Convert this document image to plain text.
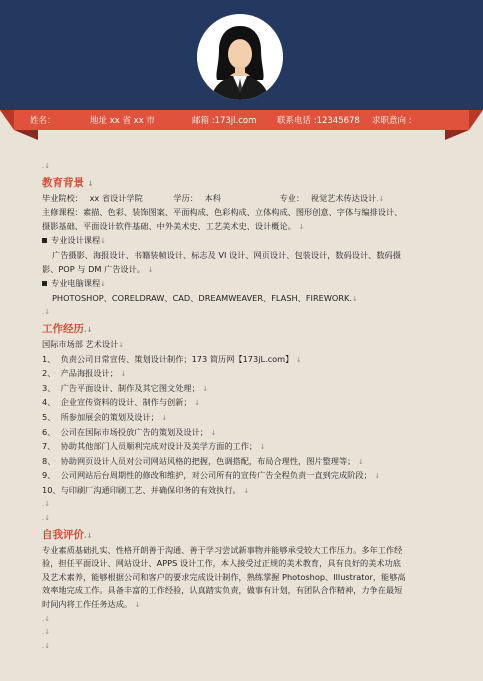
姓名：	地址 xx 省 xx 市	邮箱 :173jl.com 联系电话 :12345678 求职意向 :
.↓
教育背景 ↓
毕业院校： xx 省设计学院	学历： 本科	专业： 视觉艺术传达设计.↓
主修课程：素描、色彩、装饰图案、平面构成、色彩构成、立体构成、图形创意、字体与编排设计、
摄影基础、平面设计软件基础、中外美术史、工艺美术史、设计概论。 ↓
专业设计课程↓
广告摄影、海报设计、书籍装帧设计、标志及 VI 设计、网页设计、包装设计，数码设计、数码摄
影、POP 与 DM 广告设计。 ↓
专业电脑课程↓
PHOTOSHOP、CORELDRAW、CAD、DREAMWEAVER、FLASH、FIREWORK.↓
.↓
工作经历.↓
国际市场部 艺术设计↓
1、  负责公司日常宣传、策划设计制作；173 简历网【173jL.com】 ↓
2、  产品海报设计； ↓
3、  广告平面设计、制作及其它图文处理； ↓
4、  企业宣传资料的设计、制作与创新； ↓
5、  所参加展会的策划及设计； ↓
6、  公司在国际市场投放广告的策划及设计； ↓
7、  协助其他部门人员顺利完成对设计及美学方面的工作； ↓
8、  协助网页设计人员对公司网站风格的把握，色调搭配，布局合理性，图片整理等； ↓
9、  公司网站后台周期性的修改和维护，对公司所有的宣传广告全程负责一直到完成阶段； ↓
10、与印刷厂沟通印刷工艺、并确保印务的有效执行。 ↓
.↓
.↓
自我评价.↓
专业素质基础扎实、性格开朗善于沟通、善于学习尝试新事物并能够承受较大工作压力。多年工作经
验，担任平面设计、网站设计、APPS 设计工作，本人接受过正规的美术教育，具有良好的美术功底
及艺术素养，能够根据公司和客户的要求完成设计制作，熟练掌握 Photoshop、Illustrator，能够高
效率地完成工作。具备丰富的工作经验，认真踏实负责，做事有计划，有团队合作精神，力争在最短
时间内将工作任务达成。 ↓
.↓
.↓
.↓
